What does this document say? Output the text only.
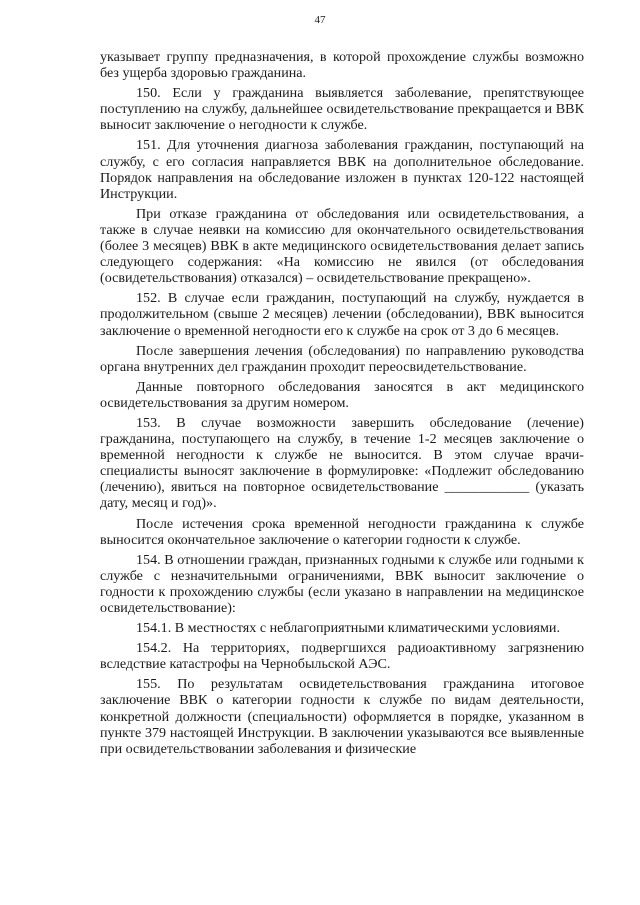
47

указывает группу предназначения, в которой прохождение службы возможно без ущерба здоровью гражданина.

150. Если у гражданина выявляется заболевание, препятствующее поступлению на службу, дальнейшее освидетельствование прекращается и ВВК выносит заключение о негодности к службе.

151. Для уточнения диагноза заболевания гражданин, поступающий на службу, с его согласия направляется ВВК на дополнительное обследование. Порядок направления на обследование изложен в пунктах 120-122 настоящей Инструкции.

При отказе гражданина от обследования или освидетельствования, а также в случае неявки на комиссию для окончательного освидетельствования (более 3 месяцев) ВВК в акте медицинского освидетельствования делает запись следующего содержания: «На комиссию не явился (от обследования (освидетельствования) отказался) – освидетельствование прекращено».

152. В случае если гражданин, поступающий на службу, нуждается в продолжительном (свыше 2 месяцев) лечении (обследовании), ВВК выносится заключение о временной негодности его к службе на срок от 3 до 6 месяцев.

После завершения лечения (обследования) по направлению руководства органа внутренних дел гражданин проходит переосвидетельствование.

Данные повторного обследования заносятся в акт медицинского освидетельствования за другим номером.

153. В случае возможности завершить обследование (лечение) гражданина, поступающего на службу, в течение 1-2 месяцев заключение о временной негодности к службе не выносится. В этом случае врачи-специалисты выносят заключение в формулировке: «Подлежит обследованию (лечению), явиться на повторное освидетельствование ____________ (указать дату, месяц и год)».

После истечения срока временной негодности гражданина к службе выносится окончательное заключение о категории годности к службе.

154. В отношении граждан, признанных годными к службе или годными к службе с незначительными ограничениями, ВВК выносит заключение о годности к прохождению службы (если указано в направлении на медицинское освидетельствование):

154.1. В местностях с неблагоприятными климатическими условиями.

154.2. На территориях, подвергшихся радиоактивному загрязнению вследствие катастрофы на Чернобыльской АЭС.

155. По результатам освидетельствования гражданина итоговое заключение ВВК о категории годности к службе по видам деятельности, конкретной должности (специальности) оформляется в порядке, указанном в пункте 379 настоящей Инструкции. В заключении указываются все выявленные при освидетельствовании заболевания и физические
